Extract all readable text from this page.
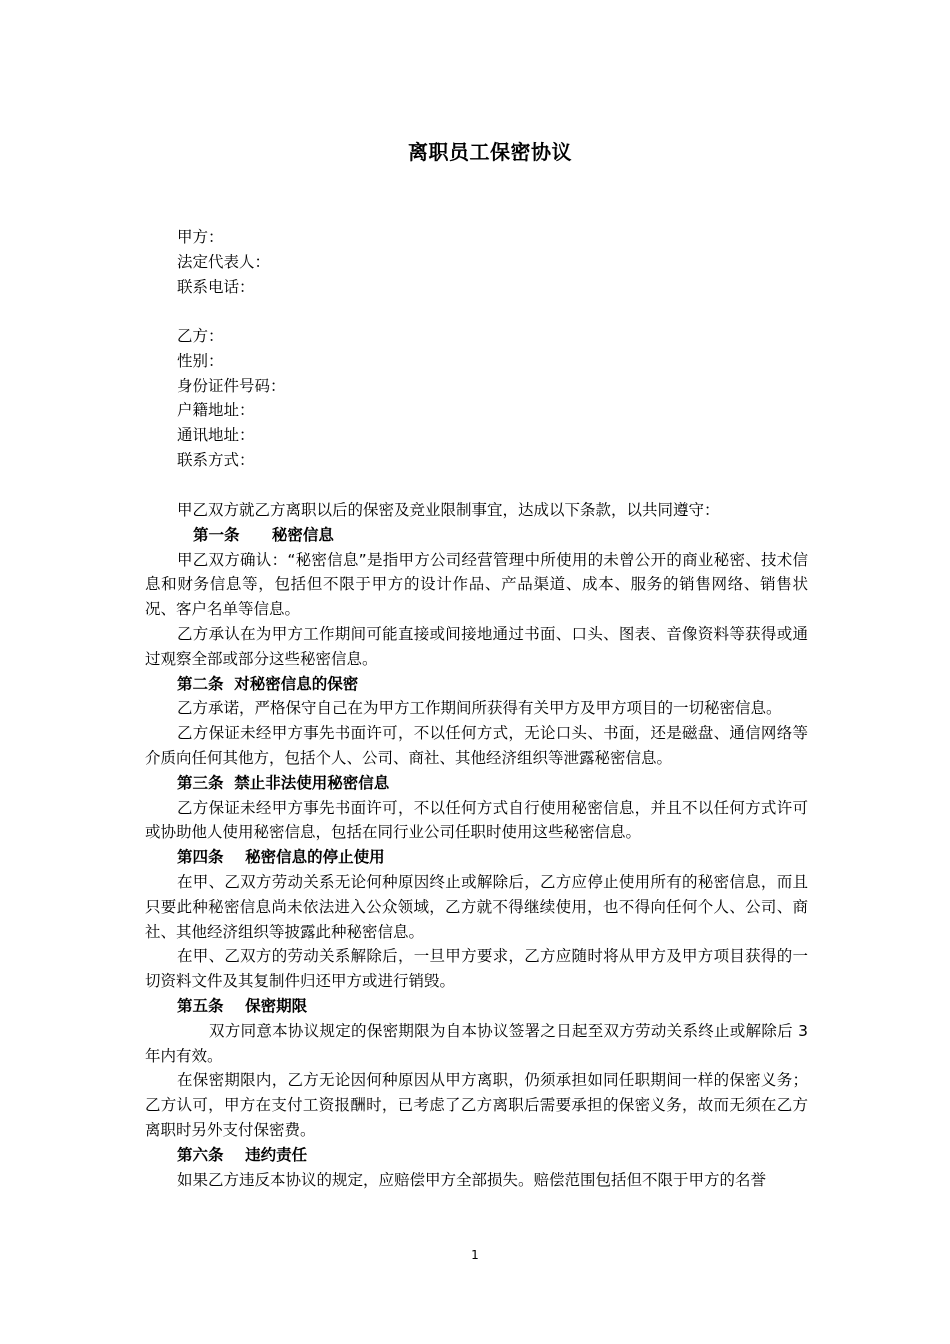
离职员工保密协议
甲方：
法定代表人：
联系电话：
乙方：
性别：
身份证件号码：
户籍地址：
通讯地址：
联系方式：

甲乙双方就乙方离职以后的保密及竞业限制事宜，达成以下条款，以共同遵守：

第一条      秘密信息

甲乙双方确认：“秘密信息”是指甲方公司经营管理中所使用的未曾公开的商业秘密、技术信息和财务信息等，包括但不限于甲方的设计作品、产品渠道、成本、服务的销售网络、销售状况、客户名单等信息。

乙方承认在为甲方工作期间可能直接或间接地通过书面、口头、图表、音像资料等获得或通过观察全部或部分这些秘密信息。

第二条  对秘密信息的保密

乙方承诺，严格保守自己在为甲方工作期间所获得有关甲方及甲方项目的一切秘密信息。

乙方保证未经甲方事先书面许可，不以任何方式，无论口头、书面，还是磁盘、通信网络等介质向任何其他方，包括个人、公司、商社、其他经济组织等泄露秘密信息。

第三条  禁止非法使用秘密信息

乙方保证未经甲方事先书面许可，不以任何方式自行使用秘密信息，并且不以任何方式许可或协助他人使用秘密信息，包括在同行业公司任职时使用这些秘密信息。

第四条    秘密信息的停止使用

在甲、乙双方劳动关系无论何种原因终止或解除后，乙方应停止使用所有的秘密信息，而且只要此种秘密信息尚未依法进入公众领域，乙方就不得继续使用，也不得向任何个人、公司、商社、其他经济组织等披露此种秘密信息。

在甲、乙双方的劳动关系解除后，一旦甲方要求，乙方应随时将从甲方及甲方项目获得的一切资料文件及其复制件归还甲方或进行销毁。

第五条    保密期限

双方同意本协议规定的保密期限为自本协议签署之日起至双方劳动关系终止或解除后 3 年内有效。

在保密期限内，乙方无论因何种原因从甲方离职，仍须承担如同任职期间一样的保密义务；乙方认可，甲方在支付工资报酬时，已考虑了乙方离职后需要承担的保密义务，故而无须在乙方离职时另外支付保密费。

第六条    违约责任

如果乙方违反本协议的规定，应赔偿甲方全部损失。赔偿范围包括但不限于甲方的名誉

1
